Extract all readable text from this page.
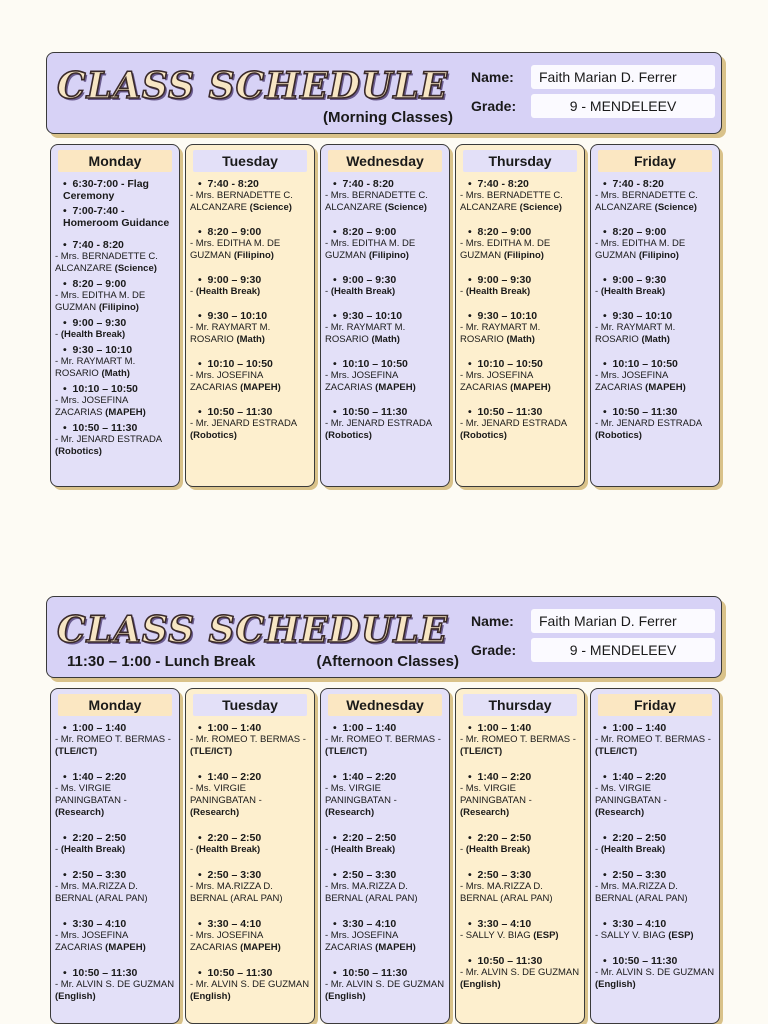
CLASS SCHEDULE
(Morning Classes)
Name:	Faith Marian D. Ferrer
Grade:	9 - MENDELEEV
Monday
•  6:30-7:00 - Flag Ceremony
•  7:00-7:40 - Homeroom Guidance
•  7:40 - 8:20
- Mrs. BERNADETTE C. ALCANZARE (Science)
•  8:20 – 9:00
- Mrs. EDITHA M. DE GUZMAN (Filipino)
•  9:00 – 9:30
- (Health Break)
•  9:30 – 10:10
- Mr. RAYMART M. ROSARIO (Math)
•  10:10 – 10:50
- Mrs. JOSEFINA ZACARIAS (MAPEH)
•  10:50 – 11:30
- Mr. JENARD ESTRADA (Robotics)
Tuesday
•  7:40 - 8:20
- Mrs. BERNADETTE C. ALCANZARE (Science)
•  8:20 – 9:00
- Mrs. EDITHA M. DE GUZMAN (Filipino)
•  9:00 – 9:30
- (Health Break)
•  9:30 – 10:10
- Mr. RAYMART M. ROSARIO (Math)
•  10:10 – 10:50
- Mrs. JOSEFINA ZACARIAS (MAPEH)
•  10:50 – 11:30
- Mr. JENARD ESTRADA (Robotics)
Wednesday
•  7:40 - 8:20
- Mrs. BERNADETTE C. ALCANZARE (Science)
•  8:20 – 9:00
- Mrs. EDITHA M. DE GUZMAN (Filipino)
•  9:00 – 9:30
- (Health Break)
•  9:30 – 10:10
- Mr. RAYMART M. ROSARIO (Math)
•  10:10 – 10:50
- Mrs. JOSEFINA ZACARIAS (MAPEH)
•  10:50 – 11:30
- Mr. JENARD ESTRADA (Robotics)
Thursday
•  7:40 - 8:20
- Mrs. BERNADETTE C. ALCANZARE (Science)
•  8:20 – 9:00
- Mrs. EDITHA M. DE GUZMAN (Filipino)
•  9:00 – 9:30
- (Health Break)
•  9:30 – 10:10
- Mr. RAYMART M. ROSARIO (Math)
•  10:10 – 10:50
- Mrs. JOSEFINA ZACARIAS (MAPEH)
•  10:50 – 11:30
- Mr. JENARD ESTRADA (Robotics)
Friday
•  7:40 - 8:20
- Mrs. BERNADETTE C. ALCANZARE (Science)
•  8:20 – 9:00
- Mrs. EDITHA M. DE GUZMAN (Filipino)
•  9:00 – 9:30
- (Health Break)
•  9:30 – 10:10
- Mr. RAYMART M. ROSARIO (Math)
•  10:10 – 10:50
- Mrs. JOSEFINA ZACARIAS (MAPEH)
•  10:50 – 11:30
- Mr. JENARD ESTRADA (Robotics)
CLASS SCHEDULE
11:30 – 1:00 - Lunch Break	(Afternoon Classes)
Name:	Faith Marian D. Ferrer
Grade:	9 - MENDELEEV
Monday
•  1:00 – 1:40
- Mr. ROMEO T. BERMAS - (TLE/ICT)
•  1:40 – 2:20
- Ms. VIRGIE PANINGBATAN - (Research)
•  2:20 – 2:50
- (Health Break)
•  2:50 – 3:30
- Mrs. MA.RIZZA D. BERNAL (ARAL PAN)
•  3:30 – 4:10
- Mrs. JOSEFINA ZACARIAS (MAPEH)
•  10:50 – 11:30
- Mr. ALVIN S. DE GUZMAN (English)
Tuesday
•  1:00 – 1:40
- Mr. ROMEO T. BERMAS - (TLE/ICT)
•  1:40 – 2:20
- Ms. VIRGIE PANINGBATAN - (Research)
•  2:20 – 2:50
- (Health Break)
•  2:50 – 3:30
- Mrs. MA.RIZZA D. BERNAL (ARAL PAN)
•  3:30 – 4:10
- Mrs. JOSEFINA ZACARIAS (MAPEH)
•  10:50 – 11:30
- Mr. ALVIN S. DE GUZMAN (English)
Wednesday
•  1:00 – 1:40
- Mr. ROMEO T. BERMAS - (TLE/ICT)
•  1:40 – 2:20
- Ms. VIRGIE PANINGBATAN - (Research)
•  2:20 – 2:50
- (Health Break)
•  2:50 – 3:30
- Mrs. MA.RIZZA D. BERNAL (ARAL PAN)
•  3:30 – 4:10
- Mrs. JOSEFINA ZACARIAS (MAPEH)
•  10:50 – 11:30
- Mr. ALVIN S. DE GUZMAN (English)
Thursday
•  1:00 – 1:40
- Mr. ROMEO T. BERMAS - (TLE/ICT)
•  1:40 – 2:20
- Ms. VIRGIE PANINGBATAN - (Research)
•  2:20 – 2:50
- (Health Break)
•  2:50 – 3:30
- Mrs. MA.RIZZA D. BERNAL (ARAL PAN)
•  3:30 – 4:10
- SALLY V. BIAG (ESP)
•  10:50 – 11:30
- Mr. ALVIN S. DE GUZMAN (English)
Friday
•  1:00 – 1:40
- Mr. ROMEO T. BERMAS - (TLE/ICT)
•  1:40 – 2:20
- Ms. VIRGIE PANINGBATAN - (Research)
•  2:20 – 2:50
- (Health Break)
•  2:50 – 3:30
- Mrs. MA.RIZZA D. BERNAL (ARAL PAN)
•  3:30 – 4:10
- SALLY V. BIAG (ESP)
•  10:50 – 11:30
- Mr. ALVIN S. DE GUZMAN (English)
